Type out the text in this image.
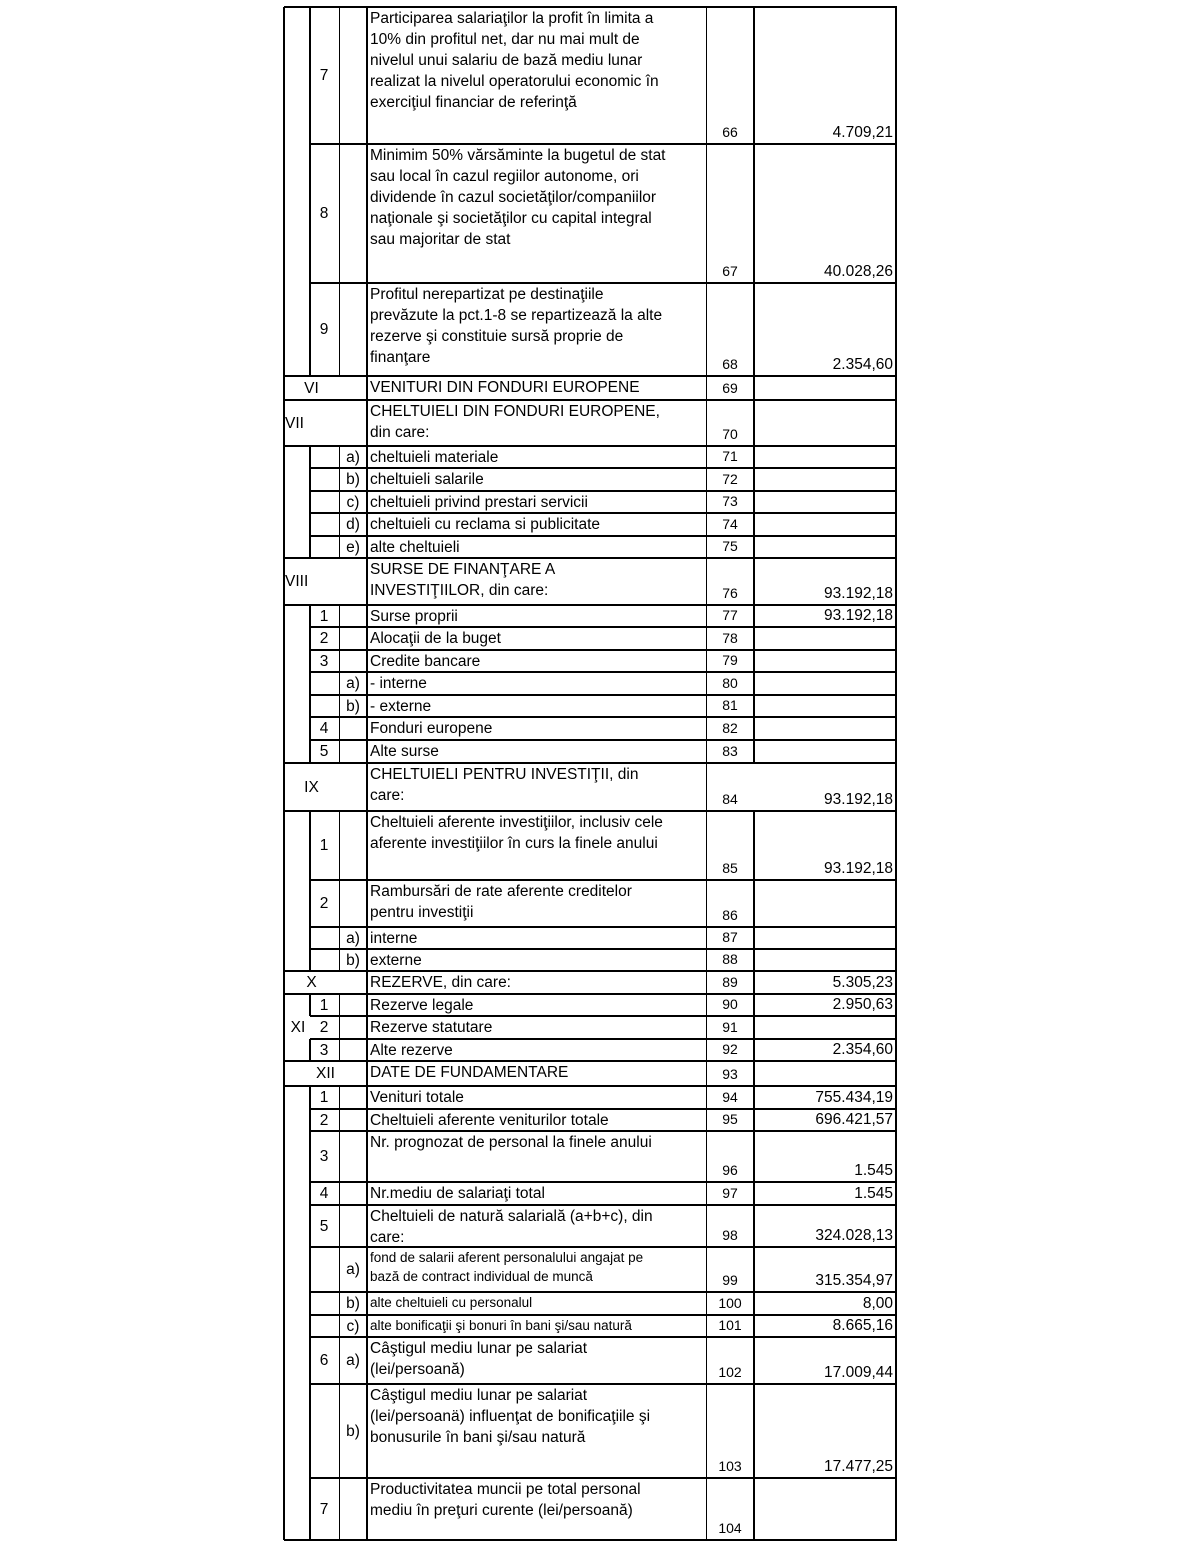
7
Participarea salariaţilor la profit în limita a
10% din profitul net, dar nu mai mult de
nivelul unui salariu de bază mediu lunar
realizat la nivelul operatorului economic în
exerciţiul financiar de referinţă
66	4.709,21
8
Minimim 50% vărsăminte la bugetul de stat
sau local în cazul regiilor autonome, ori
dividende în cazul societăţilor/companiilor
naţionale şi societăţilor cu capital integral
sau majoritar de stat
67	40.028,26
9
Profitul nerepartizat pe destinaţiile
prevăzute la pct.1-8 se repartizează la alte
rezerve şi constituie sursă proprie de
finanţare	68	2.354,60
VI	VENITURI DIN FONDURI EUROPENE	69
VII
CHELTUIELI DIN FONDURI EUROPENE,
din care:	70
a) cheltuieli materiale	71
b) cheltuieli salarile	72
c) cheltuieli privind prestari servicii	73
d) cheltuieli cu reclama si publicitate	74
e) alte cheltuieli	75
VIII
SURSE DE FINANŢARE A
INVESTIŢIILOR, din care:	76	93.192,18
1	Surse proprii	77	93.192,18
2	Alocaţii de la buget	78
3	Credite bancare	79
a) - interne	80
b) - externe	81
4	Fonduri europene	82
5	Alte surse	83
IX
CHELTUIELI PENTRU INVESTIŢII, din
care:	84	93.192,18
1
Cheltuieli aferente investiţiilor, inclusiv cele
aferente investiţiilor în curs la finele anului
85	93.192,18
2
Rambursări de rate aferente creditelor
pentru investiţii	86
a) interne	87
b) externe	88
X	REZERVE, din care:	89	5.305,23
1	Rezerve legale	90	2.950,63
XI 2	Rezerve statutare	91
3	Alte rezerve	92	2.354,60
XII	DATE DE FUNDAMENTARE	93
1	Venituri totale	94	755.434,19
2	Cheltuieli aferente veniturilor totale	95	696.421,57
3
Nr. prognozat de personal la finele anului
96	1.545
4	Nr.mediu de salariaţi total	97	1.545
5
Cheltuieli de natură salarială (a+b+c), din
care:	98	324.028,13
a)
fond de salarii aferent personalului angajat pe
bază de contract individual de muncă	99	315.354,97
b) alte cheltuieli cu personalul	100	8,00
c) alte bonificaţii şi bonuri în bani şi/sau natură	101	8.665,16
6	a)
Câştigul mediu lunar pe salariat
(lei/persoană)	102	17.009,44
b)
Câştigul mediu lunar pe salariat
(lei/persoanä) influenţat de bonificaţiile şi
bonusurile în bani şi/sau natură
103	17.477,25
7
Productivitatea muncii pe total personal
mediu în preţuri curente (lei/persoană)
104
